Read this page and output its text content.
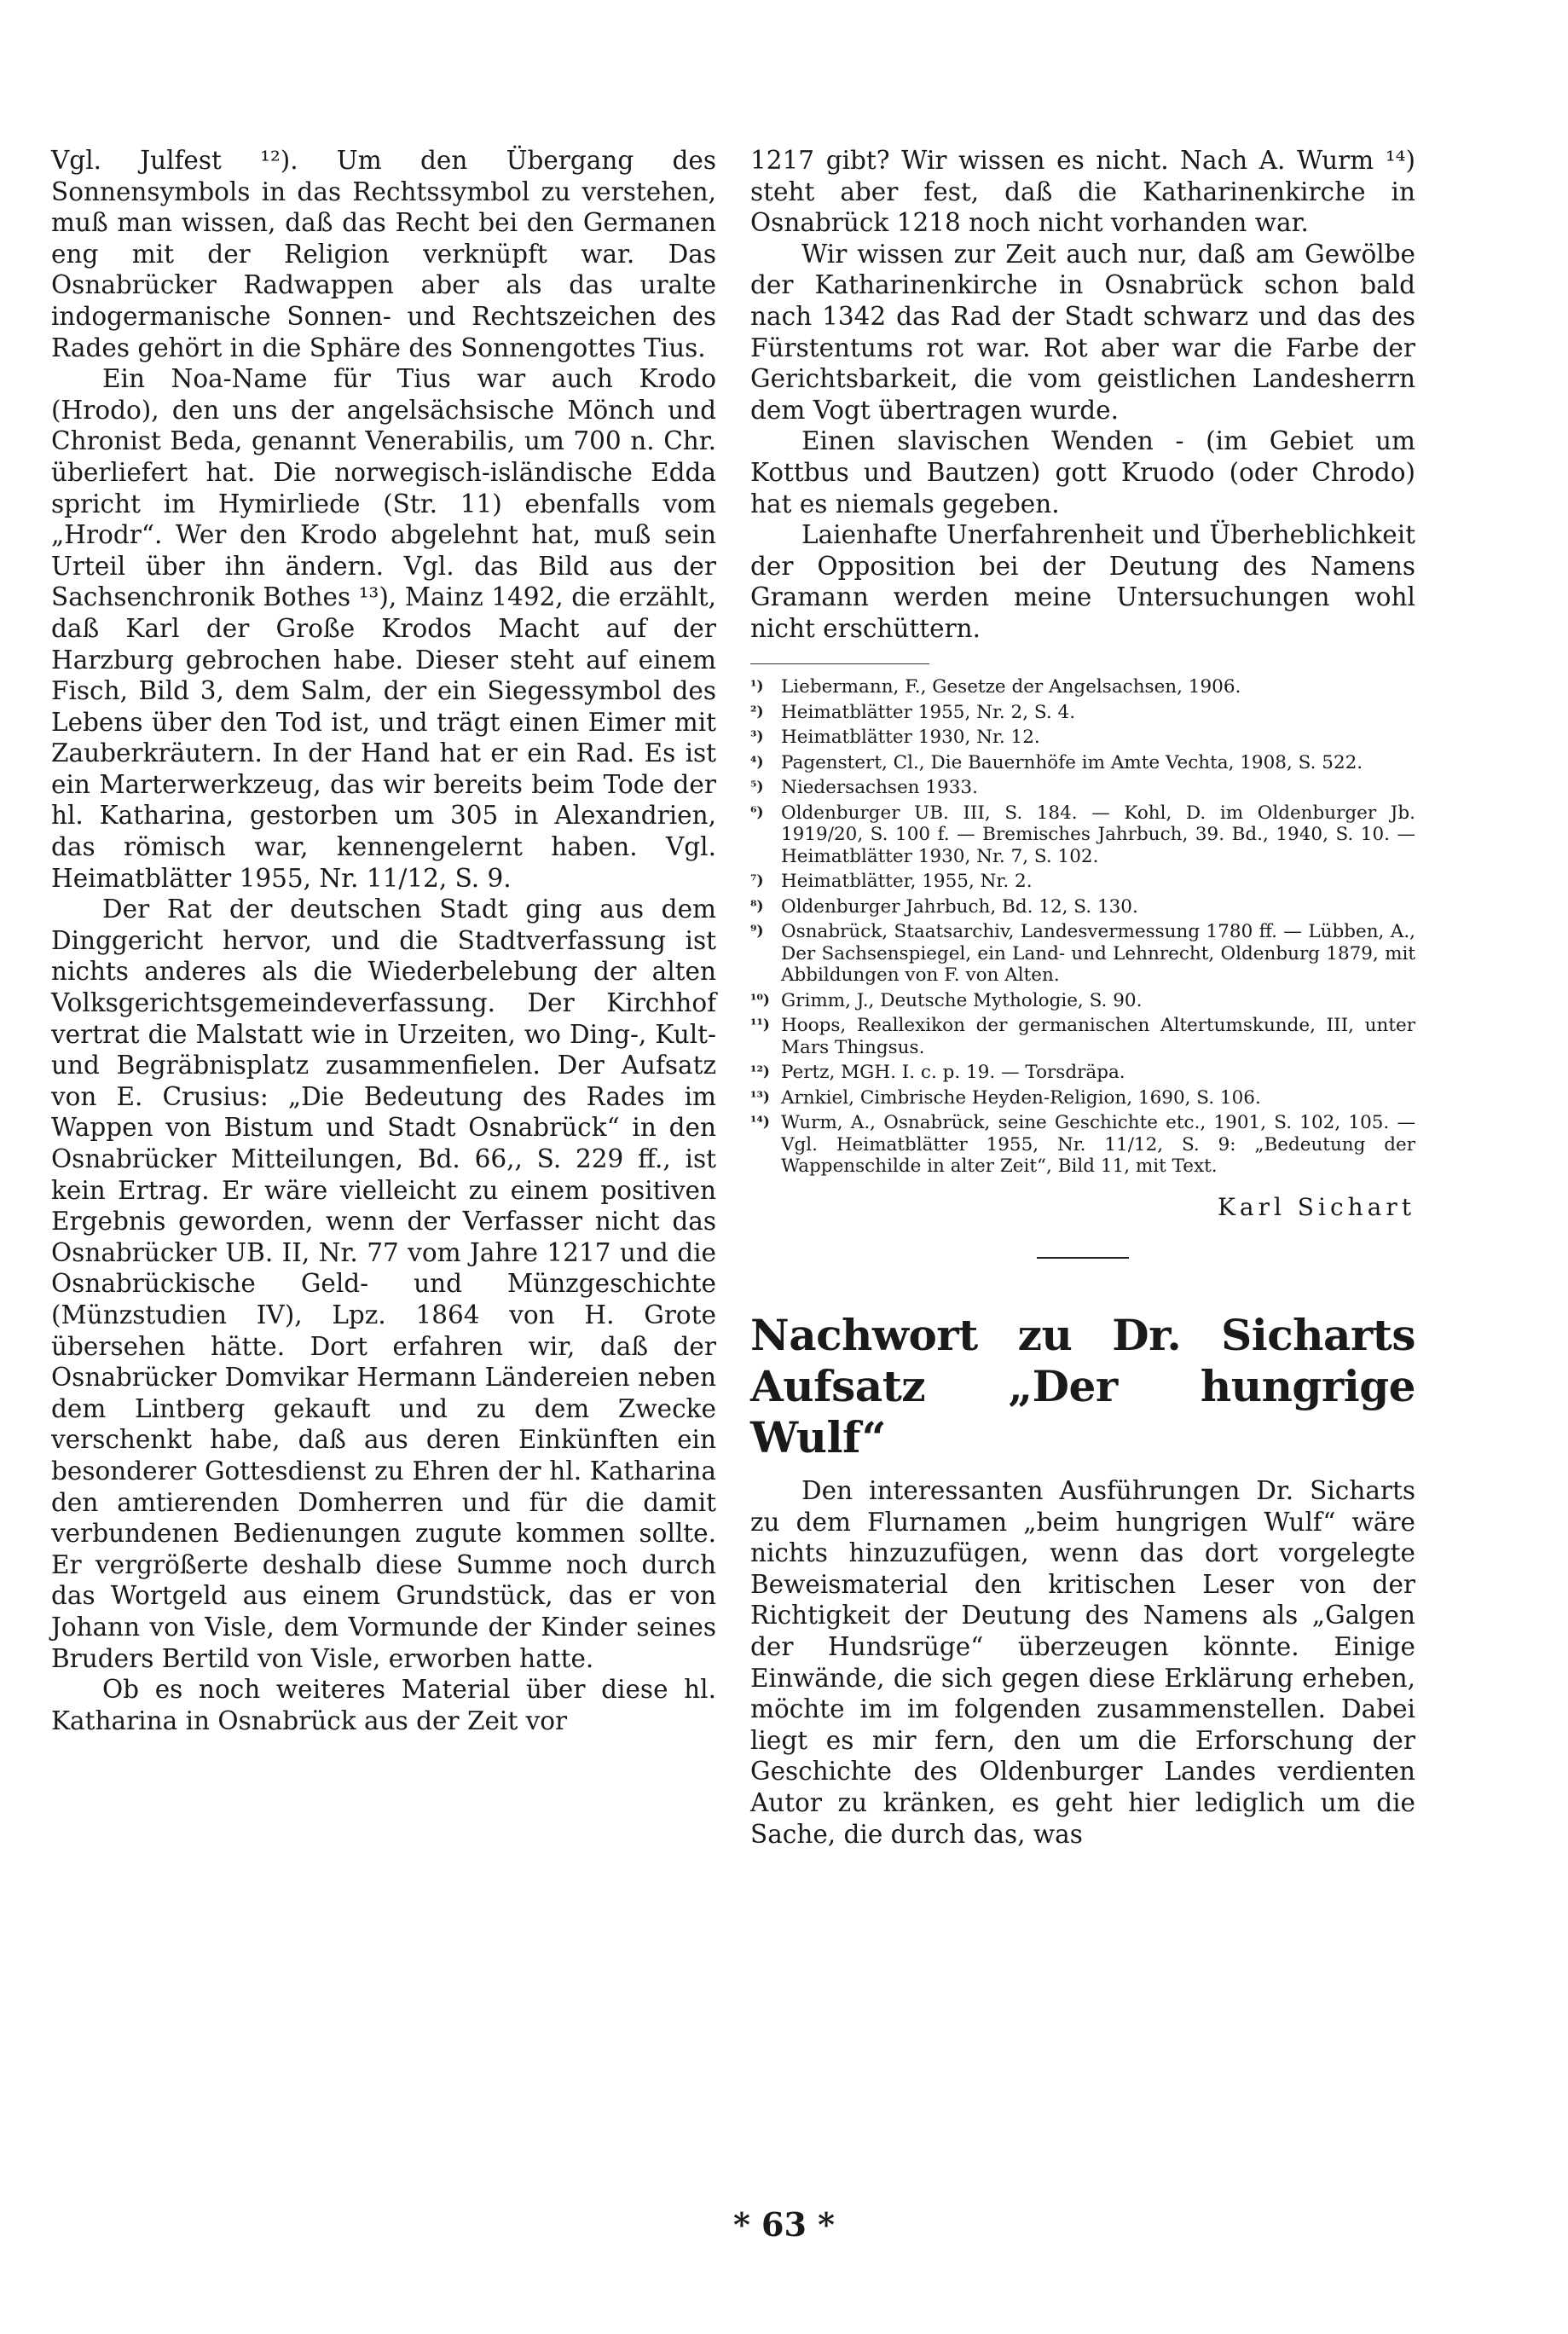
Vgl. Julfest ¹²). Um den Übergang des Sonnensymbols in das Rechtssymbol zu verstehen, muß man wissen, daß das Recht bei den Germanen eng mit der Religion verknüpft war. Das Osnabrücker Radwappen aber als das uralte indogermanische Sonnen- und Rechtszeichen des Rades gehört in die Sphäre des Sonnengottes Tius.

Ein Noa-Name für Tius war auch Krodo (Hrodo), den uns der angelsächsische Mönch und Chronist Beda, genannt Venerabilis, um 700 n. Chr. überliefert hat. Die norwegisch-isländische Edda spricht im Hymirliede (Str. 11) ebenfalls vom „Hrodr“. Wer den Krodo abgelehnt hat, muß sein Urteil über ihn ändern. Vgl. das Bild aus der Sachsenchronik Bothes ¹³), Mainz 1492, die erzählt, daß Karl der Große Krodos Macht auf der Harzburg gebrochen habe. Dieser steht auf einem Fisch, Bild 3, dem Salm, der ein Siegessymbol des Lebens über den Tod ist, und trägt einen Eimer mit Zauberkräutern. In der Hand hat er ein Rad. Es ist ein Marterwerkzeug, das wir bereits beim Tode der hl. Katharina, gestorben um 305 in Alexandrien, das römisch war, kennengelernt haben. Vgl. Heimatblätter 1955, Nr. 11/12, S. 9.

Der Rat der deutschen Stadt ging aus dem Dinggericht hervor, und die Stadtverfassung ist nichts anderes als die Wiederbelebung der alten Volksgerichtsgemeindeverfassung. Der Kirchhof vertrat die Malstatt wie in Urzeiten, wo Ding-, Kult- und Begräbnisplatz zusammenfielen. Der Aufsatz von E. Crusius: „Die Bedeutung des Rades im Wappen von Bistum und Stadt Osnabrück“ in den Osnabrücker Mitteilungen, Bd. 66,, S. 229 ff., ist kein Ertrag. Er wäre vielleicht zu einem positiven Ergebnis geworden, wenn der Verfasser nicht das Osnabrücker UB. II, Nr. 77 vom Jahre 1217 und die Osnabrückische Geld- und Münzgeschichte (Münzstudien IV), Lpz. 1864 von H. Grote übersehen hätte. Dort erfahren wir, daß der Osnabrücker Domvikar Hermann Ländereien neben dem Lintberg gekauft und zu dem Zwecke verschenkt habe, daß aus deren Einkünften ein besonderer Gottesdienst zu Ehren der hl. Katharina den amtierenden Domherren und für die damit verbundenen Bedienungen zugute kommen sollte. Er vergrößerte deshalb diese Summe noch durch das Wortgeld aus einem Grundstück, das er von Johann von Visle, dem Vormunde der Kinder seines Bruders Bertild von Visle, erworben hatte.

Ob es noch weiteres Material über diese hl. Katharina in Osnabrück aus der Zeit vor

1217 gibt? Wir wissen es nicht. Nach A. Wurm ¹⁴) steht aber fest, daß die Katharinenkirche in Osnabrück 1218 noch nicht vorhanden war.

Wir wissen zur Zeit auch nur, daß am Gewölbe der Katharinenkirche in Osnabrück schon bald nach 1342 das Rad der Stadt schwarz und das des Fürstentums rot war. Rot aber war die Farbe der Gerichtsbarkeit, die vom geistlichen Landesherrn dem Vogt übertragen wurde.

Einen slavischen Wenden - (im Gebiet um Kottbus und Bautzen) gott Kruodo (oder Chrodo) hat es niemals gegeben.

Laienhafte Unerfahrenheit und Überheblichkeit der Opposition bei der Deutung des Namens Gramann werden meine Untersuchungen wohl nicht erschüttern.

¹) Liebermann, F., Gesetze der Angelsachsen, 1906.
²) Heimatblätter 1955, Nr. 2, S. 4.
³) Heimatblätter 1930, Nr. 12.
⁴) Pagenstert, Cl., Die Bauernhöfe im Amte Vechta, 1908, S. 522.
⁵) Niedersachsen 1933.
⁶) Oldenburger UB. III, S. 184. — Kohl, D. im Oldenburger Jb. 1919/20, S. 100 f. — Bremisches Jahrbuch, 39. Bd., 1940, S. 10. — Heimatblätter 1930, Nr. 7, S. 102.
⁷) Heimatblätter, 1955, Nr. 2.
⁸) Oldenburger Jahrbuch, Bd. 12, S. 130.
⁹) Osnabrück, Staatsarchiv, Landesvermessung 1780 ff. — Lübben, A., Der Sachsenspiegel, ein Land- und Lehnrecht, Oldenburg 1879, mit Abbildungen von F. von Alten.
¹⁰) Grimm, J., Deutsche Mythologie, S. 90.
¹¹) Hoops, Reallexikon der germanischen Altertumskunde, III, unter Mars Thingsus.
¹²) Pertz, MGH. I. c. p. 19. — Torsdräpa.
¹³) Arnkiel, Cimbrische Heyden-Religion, 1690, S. 106.
¹⁴) Wurm, A., Osnabrück, seine Geschichte etc., 1901, S. 102, 105. — Vgl. Heimatblätter 1955, Nr. 11/12, S. 9: „Bedeutung der Wappenschilde in alter Zeit“, Bild 11, mit Text.
Karl Sichart
Nachwort zu Dr. Sicharts Aufsatz „Der hungrige Wulf“

Den interessanten Ausführungen Dr. Sicharts zu dem Flurnamen „beim hungrigen Wulf“ wäre nichts hinzuzufügen, wenn das dort vorgelegte Beweismaterial den kritischen Leser von der Richtigkeit der Deutung des Namens als „Galgen der Hundsrüge“ überzeugen könnte. Einige Einwände, die sich gegen diese Erklärung erheben, möchte im im folgenden zusammenstellen. Dabei liegt es mir fern, den um die Erforschung der Geschichte des Oldenburger Landes verdienten Autor zu kränken, es geht hier lediglich um die Sache, die durch das, was

* 63 *
